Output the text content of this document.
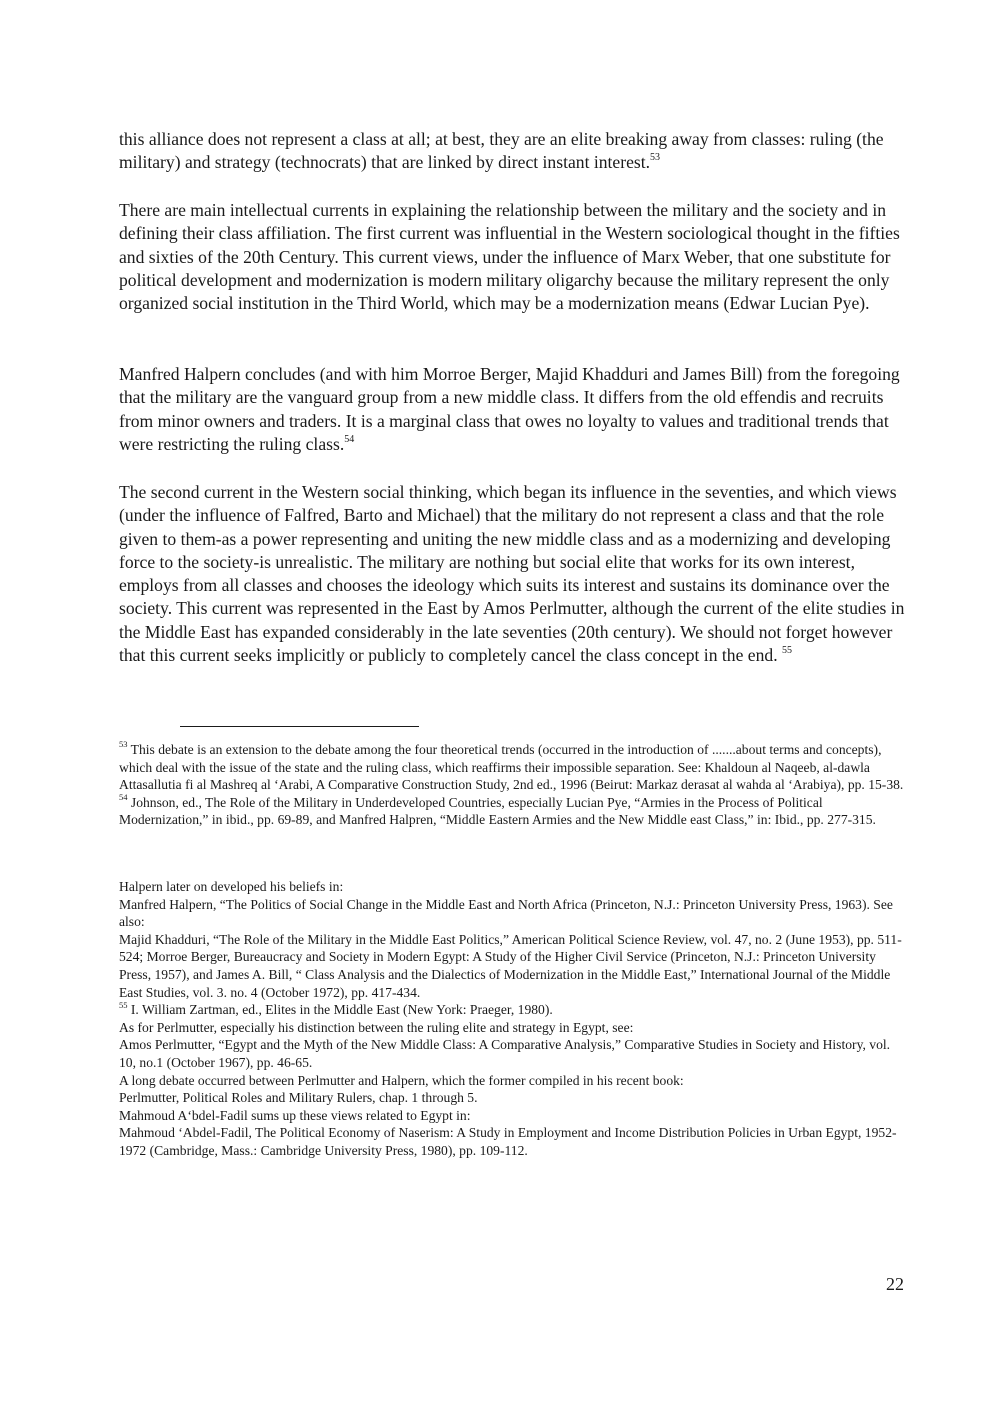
this alliance does not represent a class at all; at best, they are an elite breaking away from classes: ruling (the military) and strategy (technocrats) that are linked by direct instant interest.$^{53}$

There are main intellectual currents in explaining the relationship between the military and the society and in defining their class affiliation. The first current was influential in the Western sociological thought in the fifties and sixties of the 20th Century. This current views, under the influence of Marx Weber, that one substitute for political development and modernization is modern military oligarchy because the military represent the only organized social institution in the Third World, which may be a modernization means (Edwar Lucian Pye).

Manfred Halpern concludes (and with him Morroe Berger, Majid Khadduri and James Bill) from the foregoing that the military are the vanguard group from a new middle class. It differs from the old effendis and recruits from minor owners and traders. It is a marginal class that owes no loyalty to values and traditional trends that were restricting the ruling class.$^{54}$

The second current in the Western social thinking, which began its influence in the seventies, and which views (under the influence of Falfred, Barto and Michael) that the military do not represent a class and that the role given to them-as a power representing and uniting the new middle class and as a modernizing and developing force to the society-is unrealistic. The military are nothing but social elite that works for its own interest, employs from all classes and chooses the ideology which suits its interest and sustains its dominance over the society. This current was represented in the East by Amos Perlmutter, although the current of the elite studies in the Middle East has expanded considerably in the late seventies (20th century). We should not forget however that this current seeks implicitly or publicly to completely cancel the class concept in the end. $^{55}$

$^{53}$ This debate is an extension to the debate among the four theoretical trends (occurred in the introduction of .......about terms and concepts), which deal with the issue of the state and the ruling class, which reaffirms their impossible separation. See: Khaldoun al Naqeeb, al-dawla Attasallutia fi al Mashreq al ‘Arabi, A Comparative Construction Study, 2nd ed., 1996 (Beirut: Markaz derasat al wahda al ‘Arabiya), pp. 15-38.

$^{54}$ Johnson, ed., The Role of the Military in Underdeveloped Countries, especially Lucian Pye, “Armies in the Process of Political Modernization,” in ibid., pp. 69-89, and Manfred Halpren, “Middle Eastern Armies and the New Middle east Class,” in: Ibid., pp. 277-315.

Halpern later on developed his beliefs in:

Manfred Halpern, “The Politics of Social Change in the Middle East and North Africa (Princeton, N.J.: Princeton University Press, 1963). See also:

Majid Khadduri, “The Role of the Military in the Middle East Politics,” American Political Science Review, vol. 47, no. 2 (June 1953), pp. 511-524; Morroe Berger, Bureaucracy and Society in Modern Egypt: A Study of the Higher Civil Service (Princeton, N.J.: Princeton University Press, 1957), and James A. Bill, “ Class Analysis and the Dialectics of Modernization in the Middle East,” International Journal of the Middle East Studies, vol. 3. no. 4 (October 1972), pp. 417-434.

$^{55}$ I. William Zartman, ed., Elites in the Middle East (New York: Praeger, 1980).

As for Perlmutter, especially his distinction between the ruling elite and strategy in Egypt, see:

Amos Perlmutter, “Egypt and the Myth of the New Middle Class: A Comparative Analysis,” Comparative Studies in Society and History, vol. 10, no.1 (October 1967), pp. 46-65.

A long debate occurred between Perlmutter and Halpern, which the former compiled in his recent book:

Perlmutter, Political Roles and Military Rulers, chap. 1 through 5.

Mahmoud A‘bdel-Fadil sums up these views related to Egypt in:

Mahmoud ‘Abdel-Fadil, The Political Economy of Naserism: A Study in Employment and Income Distribution Policies in Urban Egypt, 1952-1972 (Cambridge, Mass.: Cambridge University Press, 1980), pp. 109-112.

22
